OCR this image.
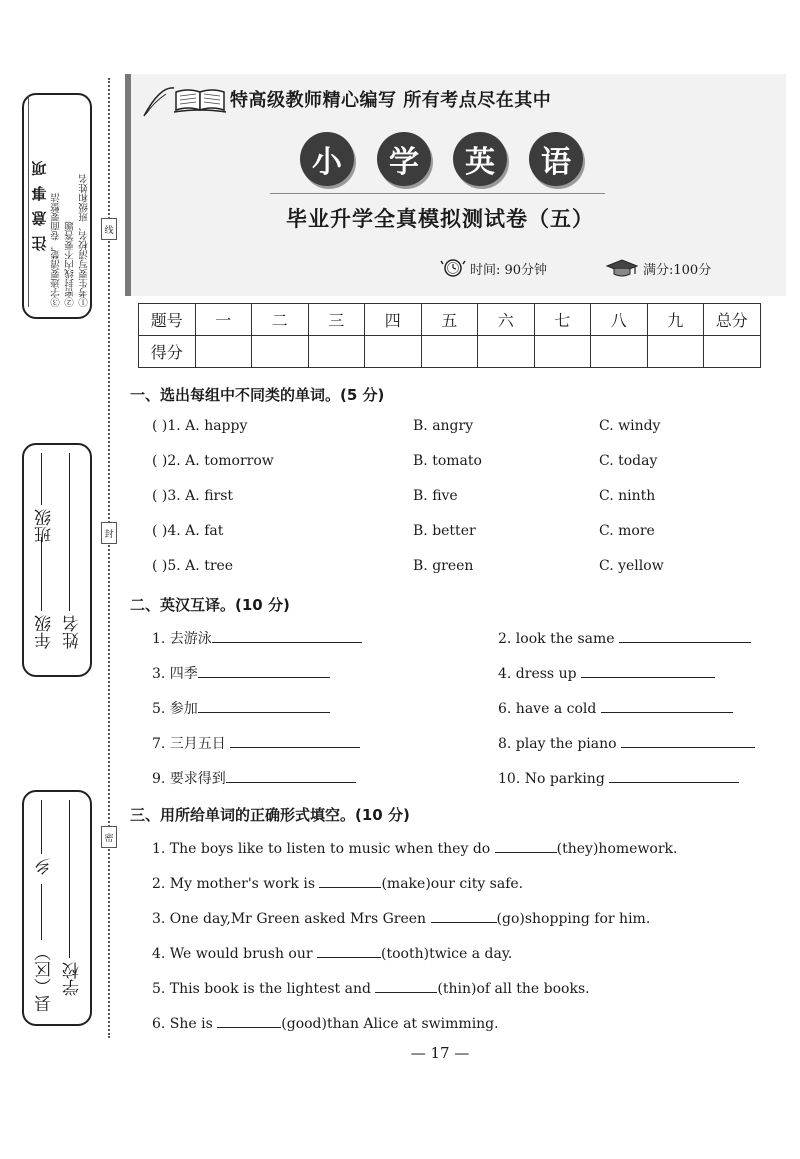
注意事项 ③字迹要清楚，卷面要整洁 ②密封线内不要答题 ①考生要写清校名、班级和姓名
年级
班级
姓名
县（区）
乡
学校
线
封
密
特高级教师精心编写 所有考点尽在其中
小	学	英	语
毕业升学全真模拟测试卷（五）
时间: 90分钟	满分:100分
题号	一	二	三	四	五	六	七	八	九	总分
得分										
一、选出每组中不同类的单词。(5 分)
( )1. A. happy	B. angry	C. windy
( )2. A. tomorrow	B. tomato	C. today
( )3. A. first	B. five	C. ninth
( )4. A. fat	B. better	C. more
( )5. A. tree	B. green	C. yellow
二、英汉互译。(10 分)
1. 去游泳	2. look the same
3. 四季	4. dress up
5. 参加	6. have a cold
7. 三月五日	8. play the piano
9. 要求得到	10. No parking
三、用所给单词的正确形式填空。(10 分)
1. The boys like to listen to music when they do	(they)homework.
2. My mother's work is	(make)our city safe.
3. One day,Mr Green asked Mrs Green	(go)shopping for him.
4. We would brush our	(tooth)twice a day.
5. This book is the lightest and	(thin)of all the books.
6. She is	(good)than Alice at swimming.
— 17 —
